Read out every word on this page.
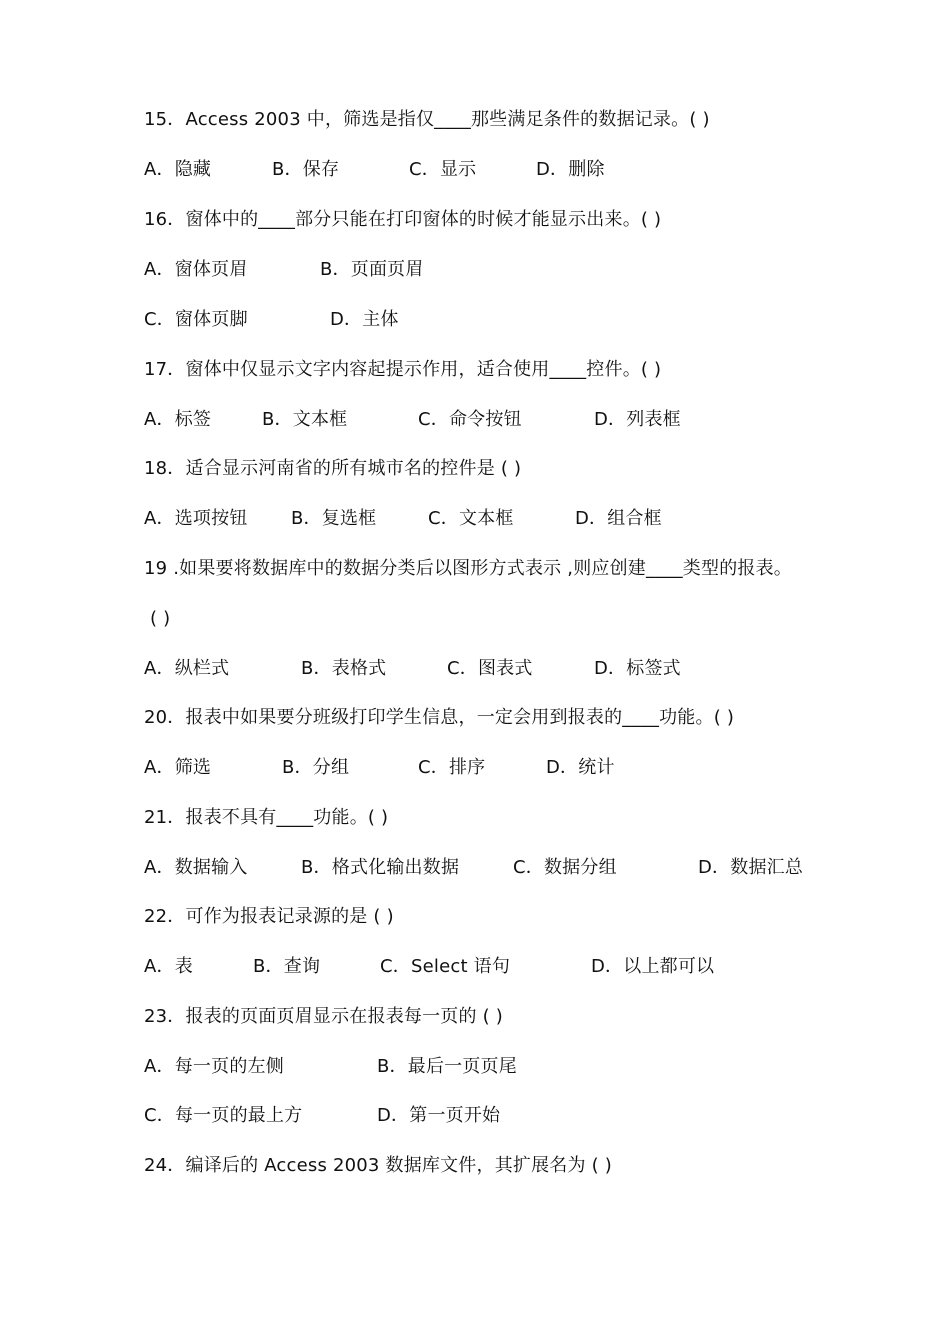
15．Access 2003 中，筛选是指仅____那些满足条件的数据记录。( )
A．隐藏	B．保存	C．显示	D．删除
16．窗体中的____部分只能在打印窗体的时候才能显示出来。( )
A．窗体页眉	B．页面页眉
C．窗体页脚	D．主体
17．窗体中仅显示文字内容起提示作用，适合使用____控件。( )
A．标签	B．文本框	C．命令按钮	D．列表框
18．适合显示河南省的所有城市名的控件是 ( )
A．选项按钮 B．复选框	C．文本框	D．组合框
19 .如果要将数据库中的数据分类后以图形方式表示 ,则应创建____类型的报表。
( )
A．纵栏式	B．表格式	C．图表式	D．标签式
20．报表中如果要分班级打印学生信息，一定会用到报表的____功能。( )
A．筛选	B．分组	C．排序	D．统计
21．报表不具有____功能。( )
A．数据输入	B．格式化输出数据	C．数据分组	D．数据汇总
22．可作为报表记录源的是 ( )
A．表	B．查询	C．Select 语句	D．以上都可以
23．报表的页面页眉显示在报表每一页的 ( )
A．每一页的左侧	B．最后一页页尾
C．每一页的最上方	D．第一页开始
24．编译后的 Access 2003 数据库文件，其扩展名为 ( )
